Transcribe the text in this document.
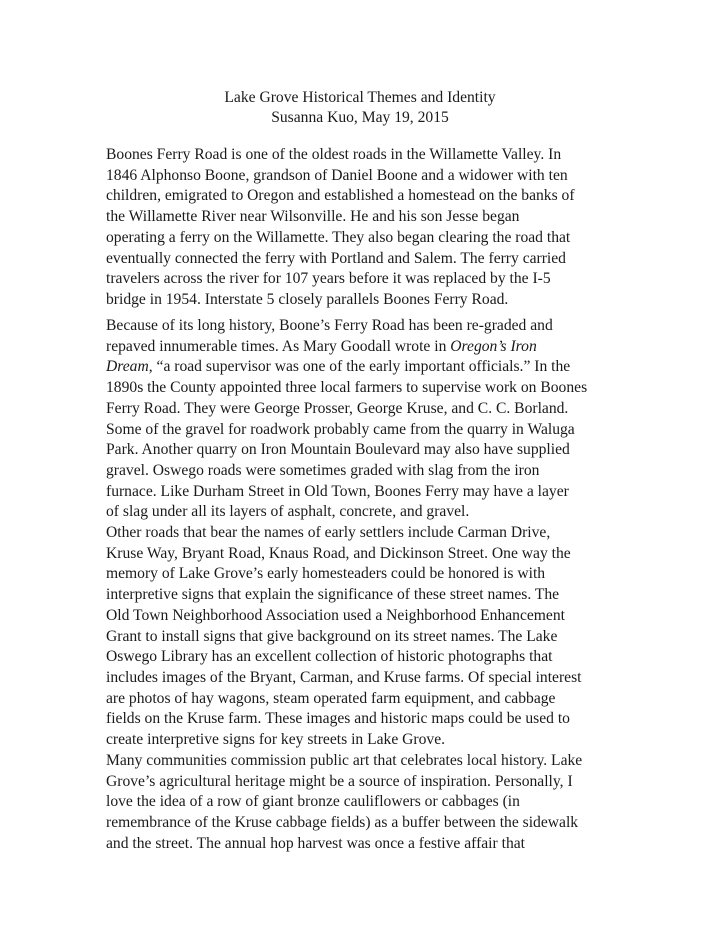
Lake Grove Historical Themes and Identity
Susanna Kuo, May 19, 2015
Boones Ferry Road is one of the oldest roads in the Willamette Valley. In
1846 Alphonso Boone, grandson of Daniel Boone and a widower with ten
children, emigrated to Oregon and established a homestead on the banks of
the Willamette River near Wilsonville. He and his son Jesse began
operating a ferry on the Willamette. They also began clearing the road that
eventually connected the ferry with Portland and Salem. The ferry carried
travelers across the river for 107 years before it was replaced by the I-5
bridge in 1954. Interstate 5 closely parallels Boones Ferry Road.
Because of its long history, Boone’s Ferry Road has been re-graded and
repaved innumerable times. As Mary Goodall wrote in Oregon’s Iron
Dream, “a road supervisor was one of the early important officials.” In the
1890s the County appointed three local farmers to supervise work on Boones
Ferry Road. They were George Prosser, George Kruse, and C. C. Borland.
Some of the gravel for roadwork probably came from the quarry in Waluga
Park. Another quarry on Iron Mountain Boulevard may also have supplied
gravel. Oswego roads were sometimes graded with slag from the iron
furnace. Like Durham Street in Old Town, Boones Ferry may have a layer
of slag under all its layers of asphalt, concrete, and gravel.
Other roads that bear the names of early settlers include Carman Drive,
Kruse Way, Bryant Road, Knaus Road, and Dickinson Street. One way the
memory of Lake Grove’s early homesteaders could be honored is with
interpretive signs that explain the significance of these street names. The
Old Town Neighborhood Association used a Neighborhood Enhancement
Grant to install signs that give background on its street names. The Lake
Oswego Library has an excellent collection of historic photographs that
includes images of the Bryant, Carman, and Kruse farms. Of special interest
are photos of hay wagons, steam operated farm equipment, and cabbage
fields on the Kruse farm. These images and historic maps could be used to
create interpretive signs for key streets in Lake Grove.
Many communities commission public art that celebrates local history. Lake
Grove’s agricultural heritage might be a source of inspiration. Personally, I
love the idea of a row of giant bronze cauliflowers or cabbages (in
remembrance of the Kruse cabbage fields) as a buffer between the sidewalk
and the street. The annual hop harvest was once a festive affair that
